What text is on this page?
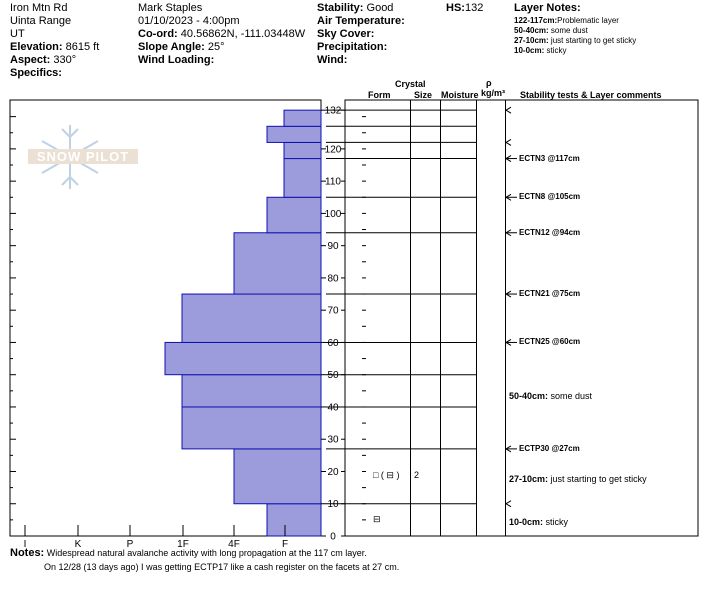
Iron Mtn Rd
Uinta Range
UT
Elevation: 8615 ft
Aspect: 330°
Specifics:
Mark Staples
01/10/2023 - 4:00pm
Co-ord: 40.56862N, -111.03448W
Slope Angle: 25°
Wind Loading:
Stability: Good
Air Temperature:
Sky Cover:
Precipitation:
Wind:
HS:132	Layer Notes:
122-117cm:Problematic layer
50-40cm: some dust
27-10cm: just starting to get sticky
10-0cm: sticky
Crystal
Form	Size Moisture
ρ
kg/m³ Stability tests & Layer comments
SNOW PILOT
0
10
20
30
40
50
60
70
80
90
100
110
120
132
I	K	P	1F	4F	F
ECTN3 @117cm
ECTN8 @105cm
ECTN12 @94cm
ECTN21 @75cm
ECTN25 @60cm
ECTP30 @27cm
50-40cm: some dust
27-10cm: just starting to get sticky
10-0cm: sticky
□ ( ⊟ ) 2
⊟
Notes: Widespread natural avalanche activity with long propagation at the 117 cm layer.
On 12/28 (13 days ago) I was getting ECTP17 like a cash register on the facets at 27 cm.
